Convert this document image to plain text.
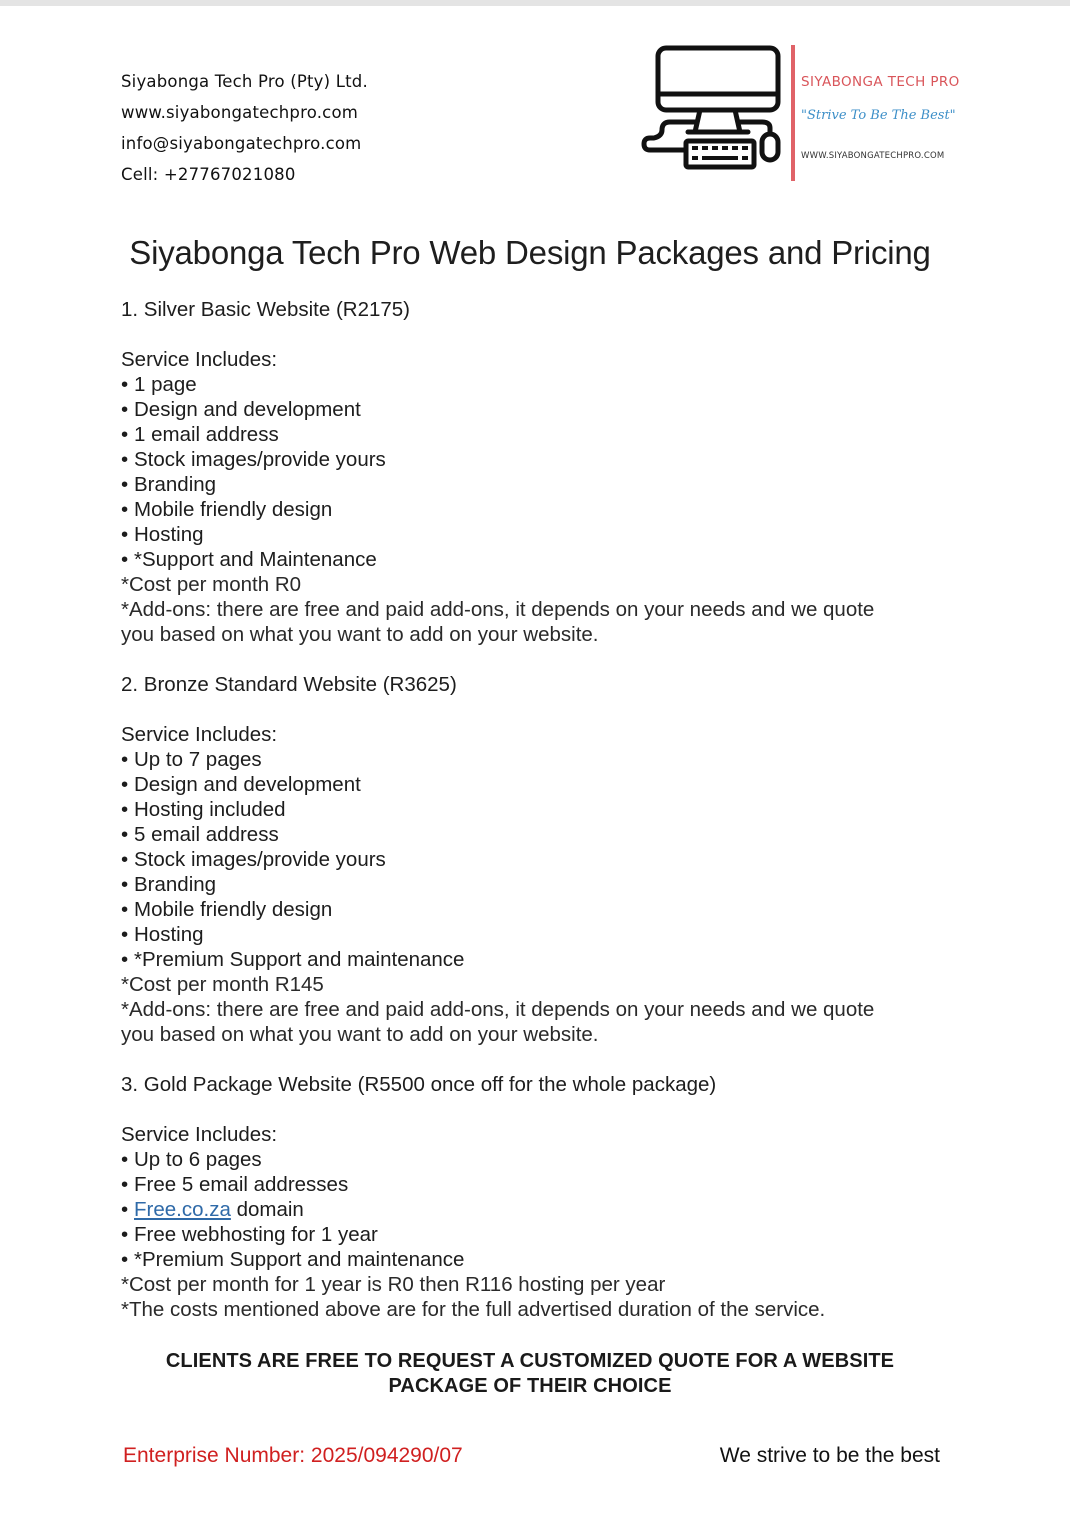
Siyabonga Tech Pro (Pty) Ltd.
www.siyabongatechpro.com
info@siyabongatechpro.com
Cell: +27767021080
SIYABONGA TECH PRO
"Strive To Be The Best"
WWW.SIYABONGATECHPRO.COM
Siyabonga Tech Pro Web Design Packages and Pricing
1. Silver Basic Website (R2175)
Service Includes:
• 1 page
• Design and development
• 1 email address
• Stock images/provide yours
• Branding
• Mobile friendly design
• Hosting
• *Support and Maintenance
*Cost per month R0
*Add-ons: there are free and paid add-ons, it depends on your needs and we quote
you based on what you want to add on your website.
2. Bronze Standard Website (R3625)
Service Includes:
• Up to 7 pages
• Design and development
• Hosting included
• 5 email address
• Stock images/provide yours
• Branding
• Mobile friendly design
• Hosting
• *Premium Support and maintenance
*Cost per month R145
*Add-ons: there are free and paid add-ons, it depends on your needs and we quote
you based on what you want to add on your website.
3. Gold Package Website (R5500 once off for the whole package)
Service Includes:
• Up to 6 pages
• Free 5 email addresses
• Free.co.za domain
• Free webhosting for 1 year
• *Premium Support and maintenance
*Cost per month for 1 year is R0 then R116 hosting per year
*The costs mentioned above are for the full advertised duration of the service.
CLIENTS ARE FREE TO REQUEST A CUSTOMIZED QUOTE FOR A WEBSITE
PACKAGE OF THEIR CHOICE
Enterprise Number: 2025/094290/07	We strive to be the best
